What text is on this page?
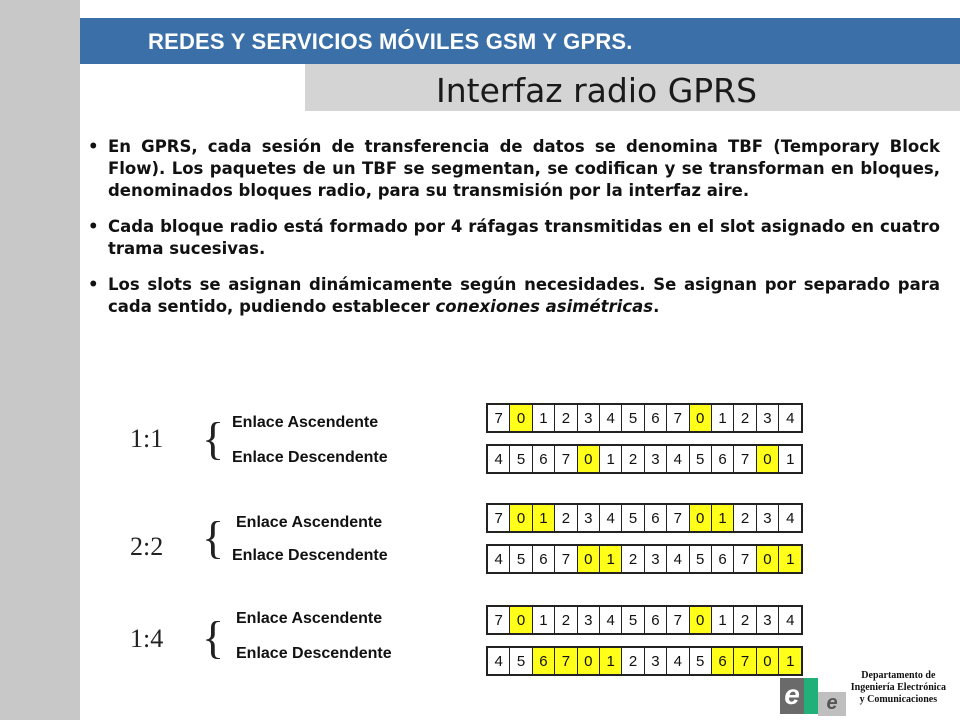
REDES Y SERVICIOS MÓVILES GSM Y GPRS.
Interfaz radio GPRS
• En GPRS, cada sesión de transferencia de datos se denomina TBF (Temporary Block Flow). Los paquetes de un TBF se segmentan, se codifican y se transforman en bloques, denominados bloques radio, para su transmisión por la interfaz aire.
• Cada bloque radio está formado por 4 ráfagas transmitidas en el slot asignado en cuatro trama sucesivas.
• Los slots se asignan dinámicamente según necesidades. Se asignan por separado para cada sentido, pudiendo establecer conexiones asimétricas.
1:1 { Enlace Ascendente
Enlace Descendente
7 0 1 2 3 4 5 6 7 0 1 2 3 4
4 5 6 7 0 1 2 3 4 5 6 7 0 1
2:2 { Enlace Ascendente
Enlace Descendente
7 0 1 2 3 4 5 6 7 0 1 2 3 4
4 5 6 7 0 1 2 3 4 5 6 7 0 1
1:4 { Enlace Ascendente
Enlace Descendente
7 0 1 2 3 4 5 6 7 0 1 2 3 4
4 5 6 7 0 1 2 3 4 5 6 7 0 1
e	e
Departamento de
Ingeniería Electrónica
y Comunicaciones
